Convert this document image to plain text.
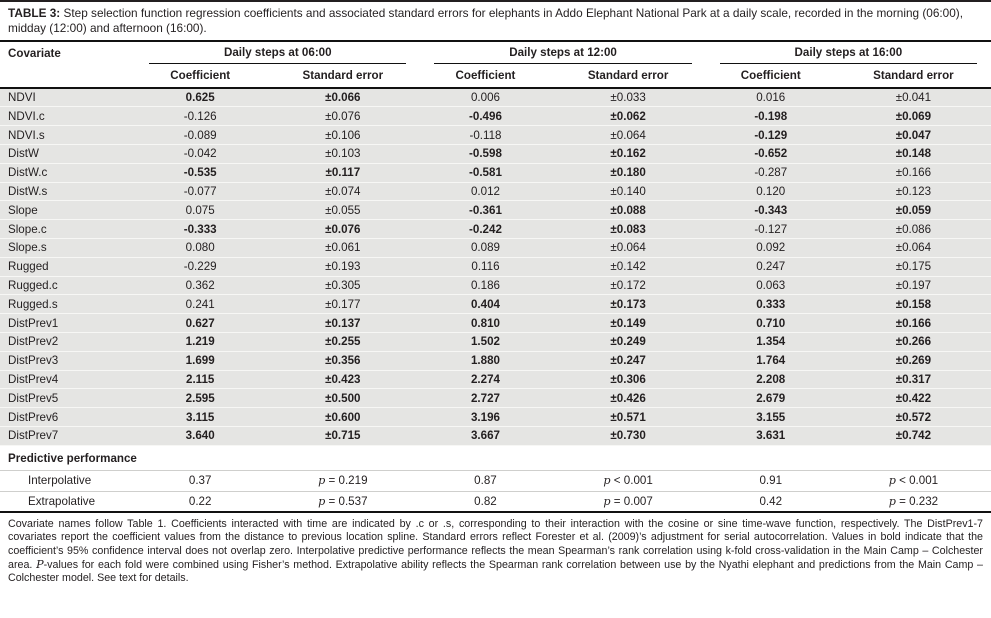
TABLE 3: Step selection function regression coefficients and associated standard errors for elephants in Addo Elephant National Park at a daily scale, recorded in the morning (06:00), midday (12:00) and afternoon (16:00).
Covariate	Daily steps at 06:00		Daily steps at 12:00		Daily steps at 16:00	

	Coefficient	Standard error	Coefficient	Standard error	Coefficient	Standard error
NDVI	0.625	±0.066	0.006	±0.033	0.016	±0.041
NDVI.c	-0.126	±0.076	-0.496	±0.062	-0.198	±0.069
NDVI.s	-0.089	±0.106	-0.118	±0.064	-0.129	±0.047
DistW	-0.042	±0.103	-0.598	±0.162	-0.652	±0.148
DistW.c	-0.535	±0.117	-0.581	±0.180	-0.287	±0.166
DistW.s	-0.077	±0.074	0.012	±0.140	0.120	±0.123
Slope	0.075	±0.055	-0.361	±0.088	-0.343	±0.059
Slope.c	-0.333	±0.076	-0.242	±0.083	-0.127	±0.086
Slope.s	0.080	±0.061	0.089	±0.064	0.092	±0.064
Rugged	-0.229	±0.193	0.116	±0.142	0.247	±0.175
Rugged.c	0.362	±0.305	0.186	±0.172	0.063	±0.197
Rugged.s	0.241	±0.177	0.404	±0.173	0.333	±0.158
DistPrev1	0.627	±0.137	0.810	±0.149	0.710	±0.166
DistPrev2	1.219	±0.255	1.502	±0.249	1.354	±0.266
DistPrev3	1.699	±0.356	1.880	±0.247	1.764	±0.269
DistPrev4	2.115	±0.423	2.274	±0.306	2.208	±0.317
DistPrev5	2.595	±0.500	2.727	±0.426	2.679	±0.422
DistPrev6	3.115	±0.600	3.196	±0.571	3.155	±0.572
DistPrev7	3.640	±0.715	3.667	±0.730	3.631	±0.742
Predictive performance						
Interpolative	0.37	p = 0.219	0.87	p < 0.001	0.91	p < 0.001
Extrapolative	0.22	p = 0.537	0.82	p = 0.007	0.42	p = 0.232
Covariate names follow Table 1. Coefficients interacted with time are indicated by .c or .s, corresponding to their interaction with the cosine or sine time-wave function, respectively. The DistPrev1-7 covariates report the coefficient values from the distance to previous location spline. Standard errors reflect Forester et al. (2009)’s adjustment for serial autocorrelation. Values in bold indicate that the coefficient’s 95% confidence interval does not overlap zero. Interpolative predictive performance reflects the mean Spearman’s rank correlation using k-fold cross-validation in the Main Camp – Colchester area. P-values for each fold were combined using Fisher’s method. Extrapolative ability reflects the Spearman rank correlation between use by the Nyathi elephant and predictions from the Main Camp – Colchester model. See text for details.
